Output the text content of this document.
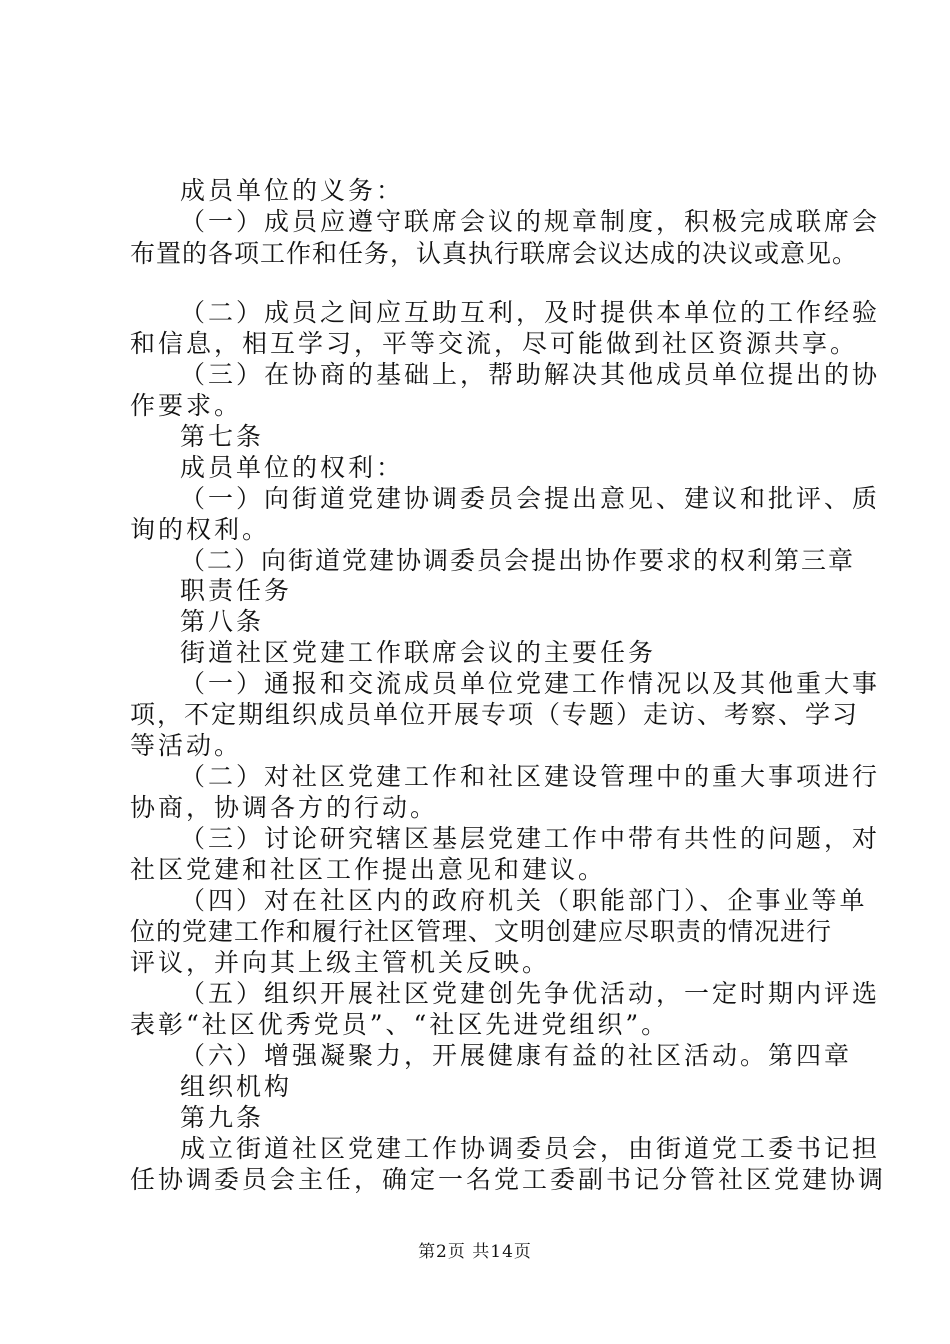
成员单位的义务：
（一）成员应遵守联席会议的规章制度，积极完成联席会
布置的各项工作和任务，认真执行联席会议达成的决议或意见。
（二）成员之间应互助互利，及时提供本单位的工作经验
和信息，相互学习，平等交流，尽可能做到社区资源共享。
（三）在协商的基础上，帮助解决其他成员单位提出的协
作要求。
第七条
成员单位的权利：
（一）向街道党建协调委员会提出意见、建议和批评、质
询的权利。
（二）向街道党建协调委员会提出协作要求的权利第三章
职责任务
第八条
街道社区党建工作联席会议的主要任务
（一）通报和交流成员单位党建工作情况以及其他重大事
项，不定期组织成员单位开展专项（专题）走访、考察、学习
等活动。
（二）对社区党建工作和社区建设管理中的重大事项进行
协商，协调各方的行动。
（三）讨论研究辖区基层党建工作中带有共性的问题，对
社区党建和社区工作提出意见和建议。
（四）对在社区内的政府机关（职能部门）、企事业等单
位的党建工作和履行社区管理、文明创建应尽职责的情况进行
评议，并向其上级主管机关反映。
（五）组织开展社区党建创先争优活动，一定时期内评选
表彰“社区优秀党员”、“社区先进党组织”。
（六）增强凝聚力，开展健康有益的社区活动。第四章
组织机构
第九条
成立街道社区党建工作协调委员会，由街道党工委书记担
任协调委员会主任，确定一名党工委副书记分管社区党建协调
第2页 共14页
